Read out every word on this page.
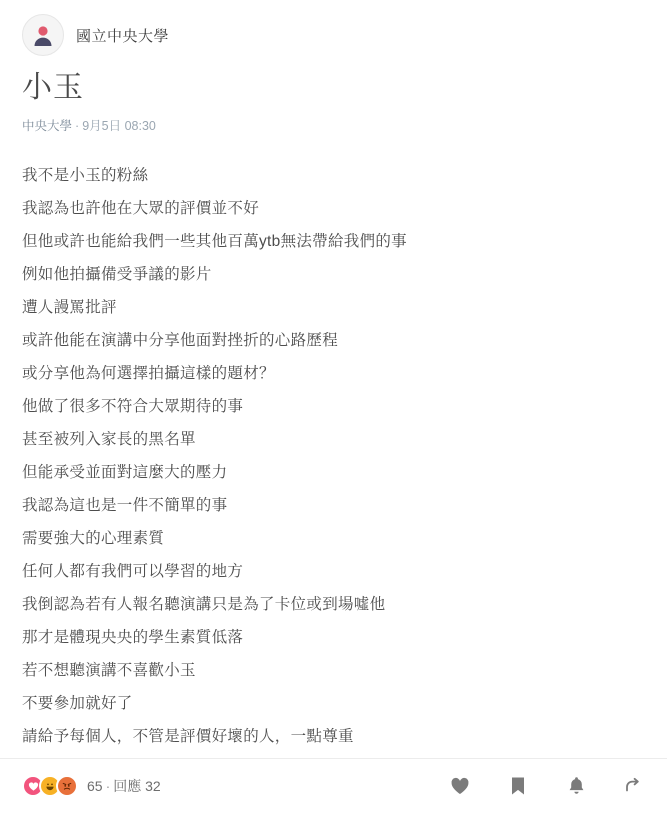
國立中央大學
小玉
中央大學 · 9月5日 08:30

我不是小玉的粉絲

我認為也許他在大眾的評價並不好

但他或許也能給我們一些其他百萬ytb無法帶給我們的事

例如他拍攝備受爭議的影片

遭人謾罵批評

或許他能在演講中分享他面對挫折的心路歷程

或分享他為何選擇拍攝這樣的題材？

他做了很多不符合大眾期待的事

甚至被列入家長的黑名單

但能承受並面對這麼大的壓力

我認為這也是一件不簡單的事

需要強大的心理素質

任何人都有我們可以學習的地方

我倒認為若有人報名聽演講只是為了卡位或到場噓他

那才是體現央央的學生素質低落

若不想聽演講不喜歡小玉

不要參加就好了

請給予每個人，不管是評價好壞的人，一點尊重

65 · 回應 32
